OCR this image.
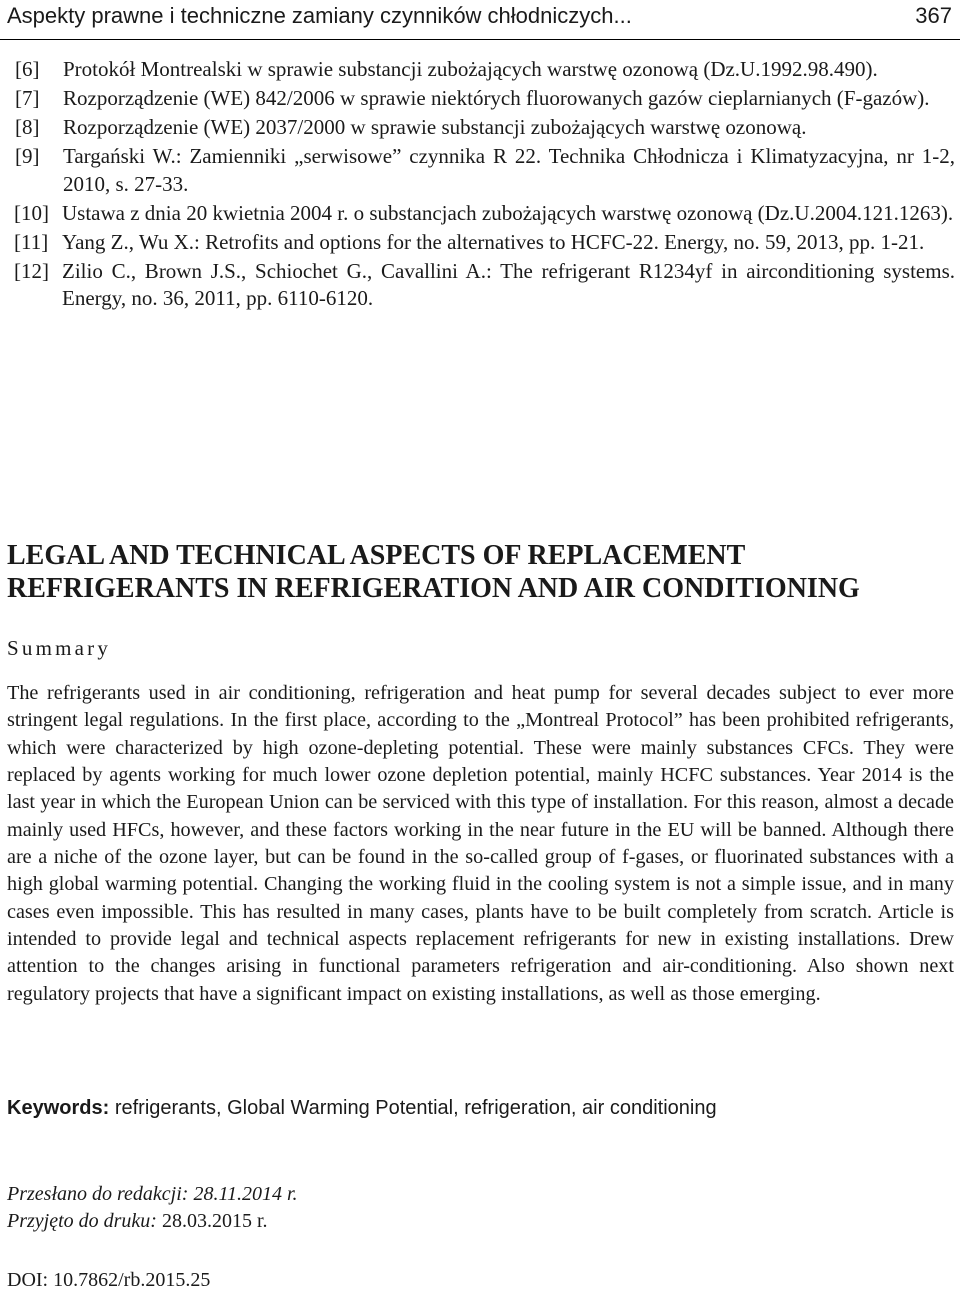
Aspekty prawne i techniczne zamiany czynników chłodniczych...	367
[6] Protokół Montrealski w sprawie substancji zubożających warstwę ozonową (Dz.U.1992.98.490).
[7] Rozporządzenie (WE) 842/2006 w sprawie niektórych fluorowanych gazów cieplarnianych (F-gazów).
[8] Rozporządzenie (WE) 2037/2000 w sprawie substancji zubożających warstwę ozonową.
[9] Targański W.: Zamienniki „serwisowe” czynnika R 22. Technika Chłodnicza i Klimatyzacyjna, nr 1-2, 2010, s. 27-33.
[10] Ustawa z dnia 20 kwietnia 2004 r. o substancjach zubożających warstwę ozonową (Dz.U.2004.121.1263).
[11] Yang Z., Wu X.: Retrofits and options for the alternatives to HCFC-22. Energy, no. 59, 2013, pp. 1-21.
[12] Zilio C., Brown J.S., Schiochet G., Cavallini A.: The refrigerant R1234yf in airconditioning systems. Energy, no. 36, 2011, pp. 6110-6120.
LEGAL AND TECHNICAL ASPECTS OF REPLACEMENT
REFRIGERANTS IN REFRIGERATION AND AIR CONDITIONING
Summary

The refrigerants used in air conditioning, refrigeration and heat pump for several decades subject to ever more stringent legal regulations. In the first place, according to the „Montreal Protocol” has been prohibited refrigerants, which were characterized by high ozone-depleting potential. These were mainly substances CFCs. They were replaced by agents working for much lower ozone depletion potential, mainly HCFC substances. Year 2014 is the last year in which the European Union can be serviced with this type of installation. For this reason, almost a decade mainly used HFCs, however, and these factors working in the near future in the EU will be banned. Although there are a niche of the ozone layer, but can be found in the so-called group of f-gases, or fluorinated substances with a high global warming potential. Changing the working fluid in the cooling system is not a simple issue, and in many cases even impossible. This has resulted in many cases, plants have to be built completely from scratch. Article is intended to provide legal and technical aspects replacement refrigerants for new in existing installations. Drew attention to the changes arising in functional parameters refrigeration and air-conditioning. Also shown next regulatory projects that have a significant impact on existing installations, as well as those emerging.

Keywords: refrigerants, Global Warming Potential, refrigeration, air conditioning
Przesłano do redakcji: 28.11.2014 r.
Przyjęto do druku: 28.03.2015 r.
DOI: 10.7862/rb.2015.25
